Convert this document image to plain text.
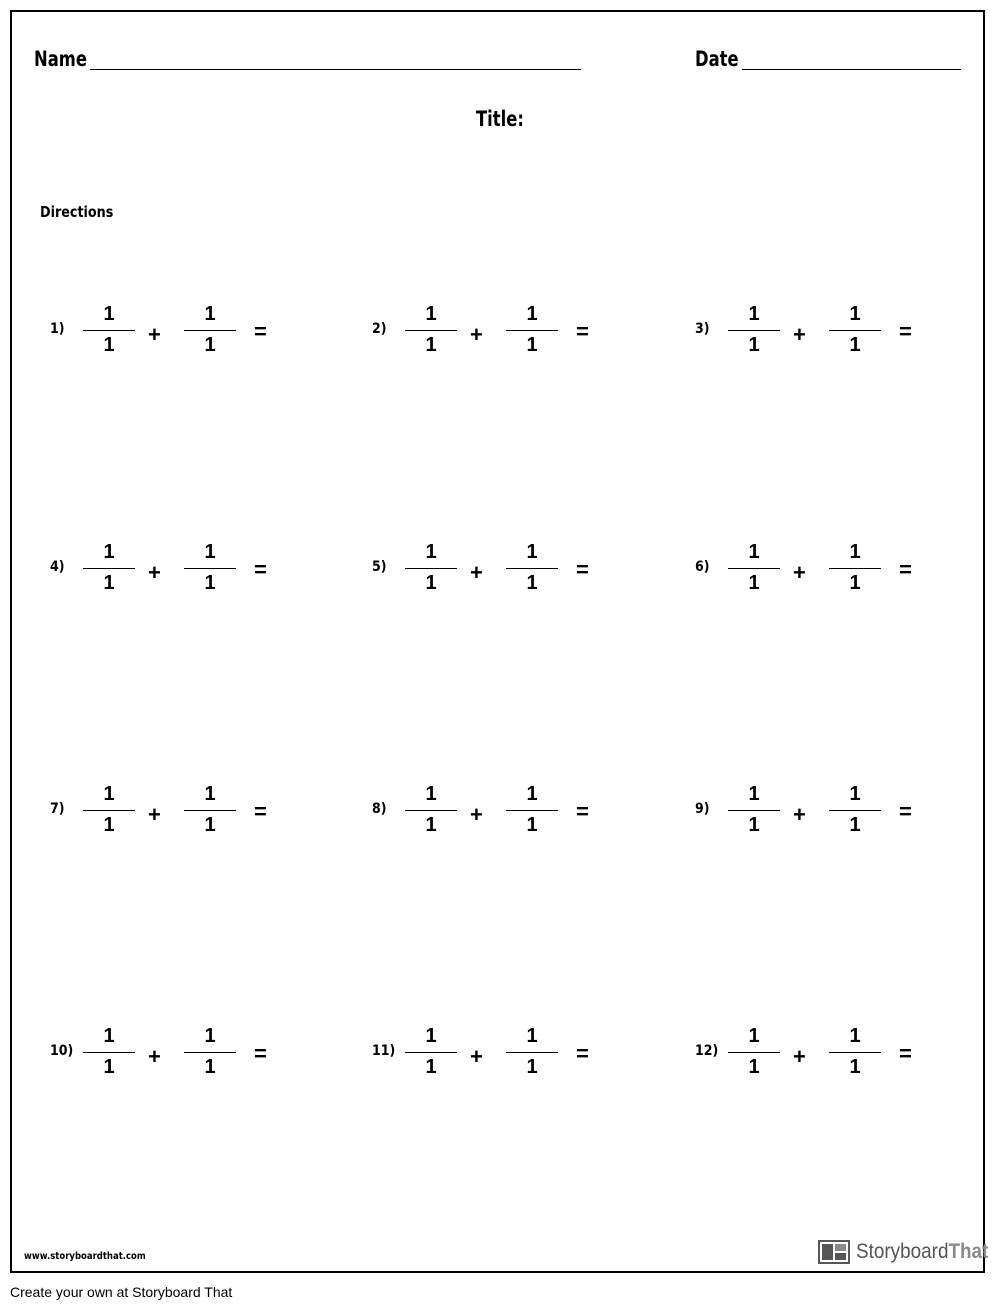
Name	Date
Title:
Directions
1)
1
1	+
1
1
=	2)
1
1	+
1
1
=	3)
1
1	+
1
1
=
4)
1
1	+
1
1
=	5)
1
1	+
1
1
=	6)
1
1	+
1
1
=
7)
1
1	+
1
1
=	8)
1
1	+
1
1
=	9)
1
1	+
1
1
=
10)
1
1	+
1
1
=	11)
1
1	+
1
1
=	12)
1
1	+
1
1
=
www.storyboardthat.com	StoryboardThat
Create your own at Storyboard That
